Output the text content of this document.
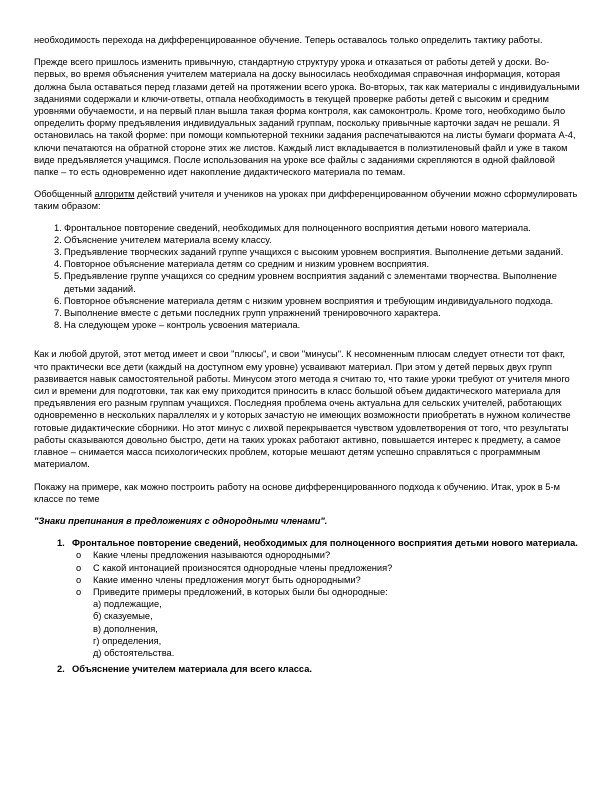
необходимость перехода на дифференцированное обучение. Теперь оставалось только определить тактику работы.

Прежде всего пришлось изменить привычную, стандартную структуру урока и отказаться от работы детей у доски. Во-первых, во время объяснения учителем материала на доску выносилась необходимая справочная информация, которая должна была оставаться перед глазами детей на протяжении всего урока. Во-вторых, так как материалы с индивидуальными заданиями содержали и ключи-ответы, отпала необходимость в текущей проверке работы детей с высоким и средним уровнями обучаемости, и на первый план вышла такая форма контроля, как самоконтроль. Кроме того, необходимо было определить форму предъявления индивидуальных заданий группам, поскольку привычные карточки задач не решали. Я остановилась на такой форме: при помощи компьютерной техники задания распечатываются на листы бумаги формата А-4, ключи печатаются на обратной стороне этих же листов. Каждый лист вкладывается в полиэтиленовый файл и уже в таком виде предъявляется учащимся. После использования на уроке все файлы с заданиями скрепляются в одной файловой папке – то есть одновременно идет накопление дидактического материала по темам.

Обобщенный алгоритм действий учителя и учеников на уроках при дифференцированном обучении можно сформулировать таким образом:

1. Фронтальное повторение сведений, необходимых для полноценного восприятия детьми нового материала.
2. Объяснение учителем материала всему классу.
3. Предъявление творческих заданий группе учащихся с высоким уровнем восприятия. Выполнение детьми заданий.
4. Повторное объяснение материала детям со средним и низким уровнем восприятия.
5. Предъявление группе учащихся со средним уровнем восприятия заданий с элементами творчества. Выполнение детьми заданий.
6. Повторное объяснение материала детям с низким уровнем восприятия и требующим индивидуального подхода.
7. Выполнение вместе с детьми последних групп упражнений тренировочного характера.
8. На следующем уроке – контроль усвоения материала.

Как и любой другой, этот метод имеет и свои "плюсы", и свои "минусы". К несомненным плюсам следует отнести тот факт, что практически все дети (каждый на доступном ему уровне) усваивают материал. При этом у детей первых двух групп развивается навык самостоятельной работы. Минусом этого метода я считаю то, что такие уроки требуют от учителя много сил и времени для подготовки, так как ему приходится приносить в класс большой объем дидактического материала для предъявления его разным группам учащихся. Последняя проблема очень актуальна для сельских учителей, работающих одновременно в нескольких параллелях и у которых зачастую не имеющих возможности приобретать в нужном количестве готовые дидактические сборники. Но этот минус с лихвой перекрывается чувством удовлетворения от того, что результаты работы сказываются довольно быстро, дети на таких уроках работают активно, повышается интерес к предмету, а самое главное – снимается масса психологических проблем, которые мешают детям успешно справляться с программным материалом.

Покажу на примере, как можно построить работу на основе дифференцированного подхода к обучению. Итак, урок в 5-м классе по теме

"Знаки препинания в предложениях с однородными членами".

1. Фронтальное повторение сведений, необходимых для полноценного восприятия детьми нового материала.
o Какие члены предложения называются однородными?
o С какой интонацией произносятся однородные члены предложения?
o Какие именно члены предложения могут быть однородными?
o Приведите примеры предложений, в которых были бы однородные:
а) подлежащие,
б) сказуемые,
в) дополнения,
г) определения,
д) обстоятельства.
2. Объяснение учителем материала для всего класса.
